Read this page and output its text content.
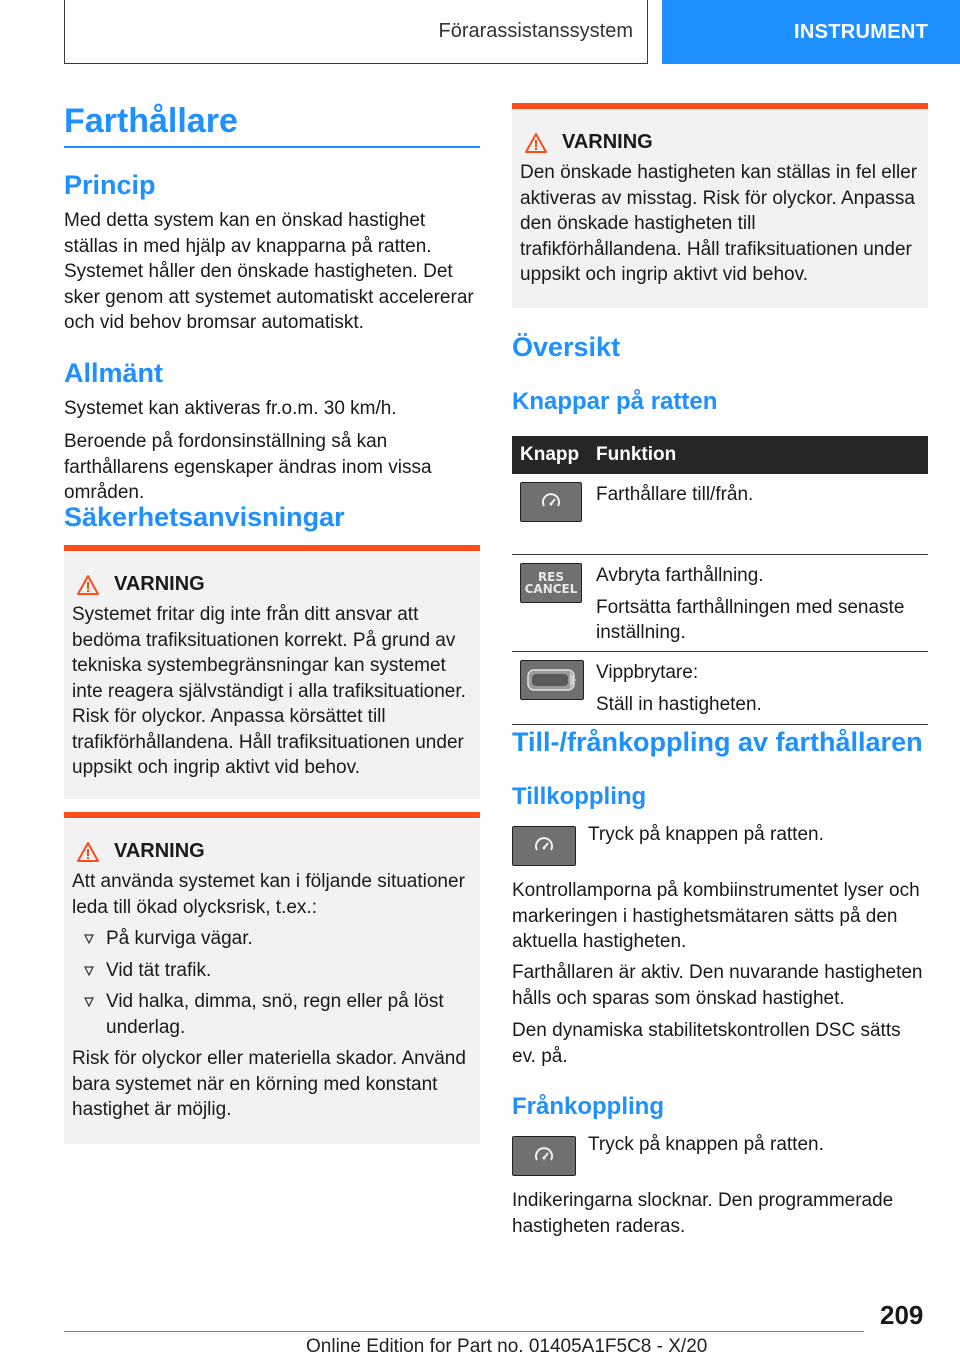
Förarassistanssystem	INSTRUMENT
Farthållare
Princip

Med detta system kan en önskad hastighet ställas in med hjälp av knapparna på ratten. Systemet håller den önskade hastigheten. Det sker genom att systemet automatiskt accelererar och vid behov bromsar automatiskt.

Allmänt

Systemet kan aktiveras fr.o.m. 30 km/h.

Beroende på fordonsinställning så kan farthållarens egenskaper ändras inom vissa områden.

Säkerhetsanvisningar
VARNING

Systemet fritar dig inte från ditt ansvar att bedöma trafiksituationen korrekt. På grund av tekniska systembegränsningar kan systemet inte reagera självständigt i alla trafiksituationer. Risk för olyckor. Anpassa körsättet till trafikförhållandena. Håll trafiksituationen under uppsikt och ingrip aktivt vid behov.

VARNING

Att använda systemet kan i följande situationer leda till ökad olycksrisk, t.ex.:

På kurviga vägar.
Vid tät trafik.
Vid halka, dimma, snö, regn eller på löst underlag.

Risk för olyckor eller materiella skador. Använd bara systemet när en körning med konstant hastighet är möjlig.

VARNING

Den önskade hastigheten kan ställas in fel eller aktiveras av misstag. Risk för olyckor. Anpassa den önskade hastigheten till trafikförhållandena. Håll trafiksituationen under uppsikt och ingrip aktivt vid behov.

Översikt
Knappar på ratten
Knapp Funktion

Farthållare till/från.

RES
CANCEL

Avbryta farthållning.

Fortsätta farthållningen med senaste inställning.

Vippbrytare:

Ställ in hastigheten.

Till-/frånkoppling av farthållaren
Tillkoppling

Tryck på knappen på ratten.

Kontrollamporna på kombiinstrumentet lyser och markeringen i hastighetsmätaren sätts på den aktuella hastigheten.

Farthållaren är aktiv. Den nuvarande hastigheten hålls och sparas som önskad hastighet.

Den dynamiska stabilitetskontrollen DSC sätts ev. på.

Frånkoppling

Tryck på knappen på ratten.

Indikeringarna slocknar. Den programmerade hastigheten raderas.

209
Online Edition for Part no. 01405A1F5C8 - X/20
